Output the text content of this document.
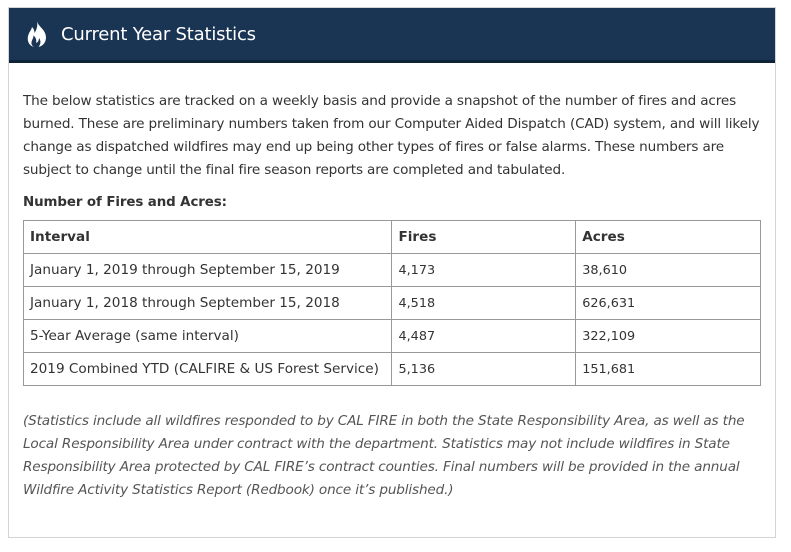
Current Year Statistics

The below statistics are tracked on a weekly basis and provide a snapshot of the number of fires and acres burned. These are preliminary numbers taken from our Computer Aided Dispatch (CAD) system, and will likely change as dispatched wildfires may end up being other types of fires or false alarms. These numbers are subject to change until the final fire season reports are completed and tabulated.

Number of Fires and Acres:

Interval	Fires	Acres
January 1, 2019 through September 15, 2019	4,173	38,610
January 1, 2018 through September 15, 2018	4,518	626,631
5-Year Average (same interval)	4,487	322,109
2019 Combined YTD (CALFIRE & US Forest Service)	5,136	151,681

(Statistics include all wildfires responded to by CAL FIRE in both the State Responsibility Area, as well as the Local Responsibility Area under contract with the department. Statistics may not include wildfires in State Responsibility Area protected by CAL FIRE’s contract counties. Final numbers will be provided in the annual Wildfire Activity Statistics Report (Redbook) once it’s published.)
